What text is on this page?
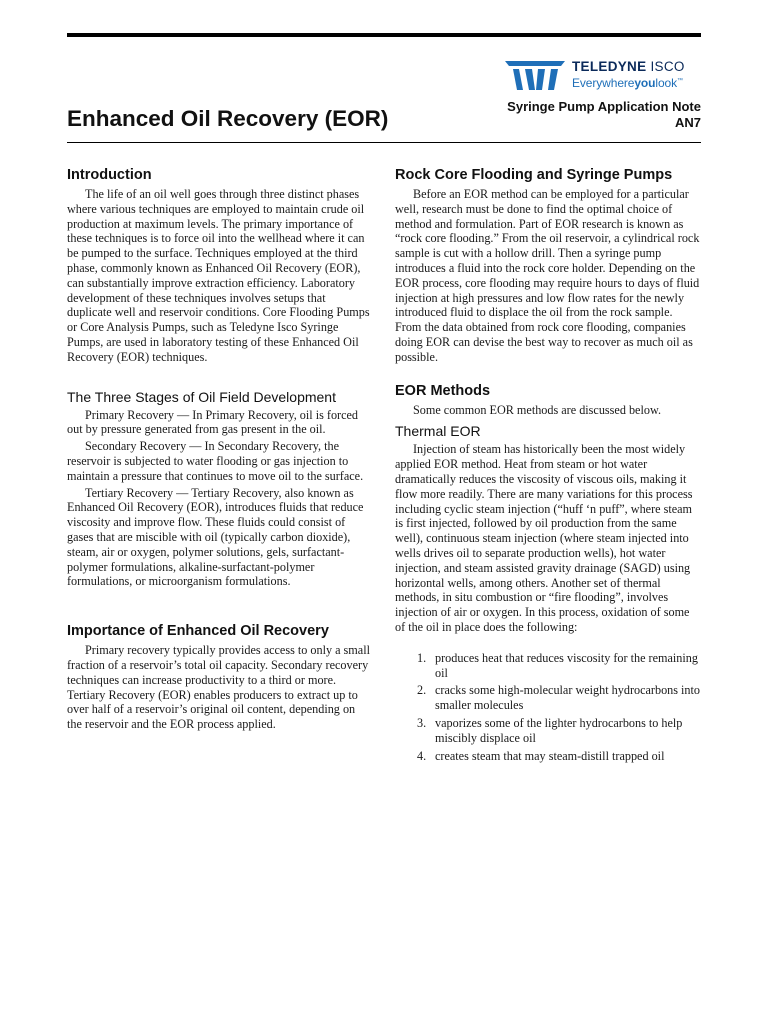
TELEDYNE ISCO
Everywhereyoulook™
Enhanced Oil Recovery (EOR)	Syringe Pump Application Note
AN7
Introduction

The life of an oil well goes through three distinct phases where various techniques are employed to maintain crude oil production at maximum levels. The primary importance of these techniques is to force oil into the wellhead where it can be pumped to the surface. Techniques employed at the third phase, commonly known as Enhanced Oil Recovery (EOR), can substantially improve extraction efficiency. Laboratory development of these techniques involves setups that duplicate well and reservoir conditions. Core Flooding Pumps or Core Analysis Pumps, such as Teledyne Isco Syringe Pumps, are used in laboratory testing of these Enhanced Oil Recovery (EOR) techniques.

The Three Stages of Oil Field Development

Primary Recovery — In Primary Recovery, oil is forced out by pressure generated from gas present in the oil.

Secondary Recovery — In Secondary Recovery, the reservoir is subjected to water flooding or gas injection to maintain a pressure that continues to move oil to the surface.

Tertiary Recovery — Tertiary Recovery, also known as Enhanced Oil Recovery (EOR), introduces fluids that reduce viscosity and improve flow. These fluids could consist of gases that are miscible with oil (typically carbon dioxide), steam, air or oxygen, polymer solutions, gels, surfactant-polymer formulations, alkaline-surfactant-polymer formulations, or microorganism formulations.

Importance of Enhanced Oil Recovery

Primary recovery typically provides access to only a small fraction of a reservoir’s total oil capacity. Secondary recovery techniques can increase productivity to a third or more. Tertiary Recovery (EOR) enables producers to extract up to over half of a reservoir’s original oil content, depending on the reservoir and the EOR process applied.

Rock Core Flooding and Syringe Pumps

Before an EOR method can be employed for a particular well, research must be done to find the optimal choice of method and formulation. Part of EOR research is known as “rock core flooding.” From the oil reservoir, a cylindrical rock sample is cut with a hollow drill. Then a syringe pump introduces a fluid into the rock core holder. Depending on the EOR process, core flooding may require hours to days of fluid injection at high pressures and low flow rates for the newly introduced fluid to displace the oil from the rock sample. From the data obtained from rock core flooding, companies doing EOR can devise the best way to recover as much oil as possible.

EOR Methods

Some common EOR methods are discussed below.

Thermal EOR

Injection of steam has historically been the most widely applied EOR method. Heat from steam or hot water dramatically reduces the viscosity of viscous oils, making it flow more readily. There are many variations for this process including cyclic steam injection (“huff ‘n puff”, where steam is first injected, followed by oil production from the same well), continuous steam injection (where steam injected into wells drives oil to separate production wells), hot water injection, and steam assisted gravity drainage (SAGD) using horizontal wells, among others. Another set of thermal methods, in situ combustion or “fire flooding”, involves injection of air or oxygen. In this process, oxidation of some of the oil in place does the following:

1. produces heat that reduces viscosity for the remaining oil
2. cracks some high-molecular weight hydrocarbons into smaller molecules
3. vaporizes some of the lighter hydrocarbons to help miscibly displace oil
4. creates steam that may steam-distill trapped oil
